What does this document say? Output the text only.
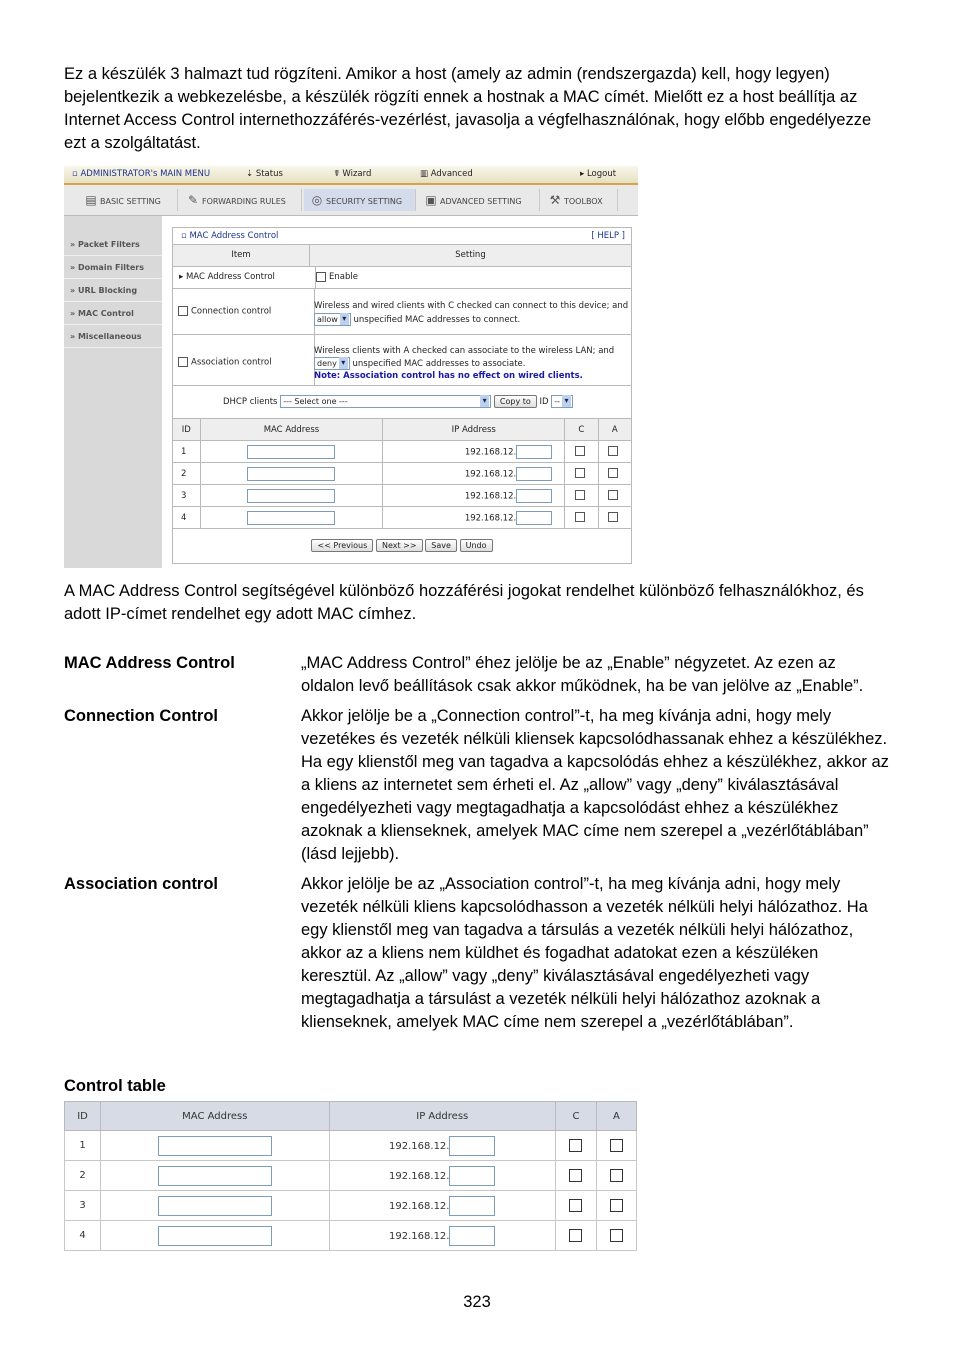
Ez a készülék 3 halmazt tud rögzíteni. Amikor a host (amely az admin (rendszergazda) kell, hogy legyen) bejelentkezik a webkezelésbe, a készülék rögzíti ennek a hostnak a MAC címét. Mielőtt ez a host beállítja az Internet Access Control internethozzáférés-vezérlést, javasolja a végfelhasználónak, hogy előbb engedélyezze ezt a szolgáltatást.
▫ ADMINISTRATOR's MAIN MENU	⇣ Status	☤ Wizard	▥ Advanced	▸ Logout
▤ BASIC SETTING	✎ FORWARDING RULES	◎ SECURITY SETTING	▣ ADVANCED SETTING	⚒ TOOLBOX
» Packet Filters
» Domain Filters
» URL Blocking
» MAC Control
» Miscellaneous
▫ MAC Address Control	[ HELP ]
Item	Setting
▸ MAC Address Control	Enable
Connection control
Wireless and wired clients with C checked can connect to this device; and
allow ▾ unspecified MAC addresses to connect.
Association control
Wireless clients with A checked can associate to the wireless LAN; and
deny ▾ unspecified MAC addresses to associate.
Note: Association control has no effect on wired clients.
DHCP clients --- Select one --- ▾	Copy to ID -- ▾
ID	MAC Address	IP Address	C	A
1		192.168.12.		
2		192.168.12.		
3		192.168.12.		
4		192.168.12.		
<< Previous Next >> Save Undo
A MAC Address Control segítségével különböző hozzáférési jogokat rendelhet különböző felhasználókhoz, és adott IP-címet rendelhet egy adott MAC címhez.
MAC Address Control	„MAC Address Control” éhez jelölje be az „Enable” négyzetet. Az ezen az oldalon levő beállítások csak akkor működnek, ha be van jelölve az „Enable”.
Connection Control	Akkor jelölje be a „Connection control”-t, ha meg kívánja adni, hogy mely vezetékes és vezeték nélküli kliensek kapcsolódhassanak ehhez a készülékhez. Ha egy klienstől meg van tagadva a kapcsolódás ehhez a készülékhez, akkor az a kliens az internetet sem érheti el. Az „allow” vagy „deny” kiválasztásával engedélyezheti vagy megtagadhatja a kapcsolódást ehhez a készülékhez azoknak a klienseknek, amelyek MAC címe nem szerepel a „vezérlőtáblában” (lásd lejjebb).
Association control	Akkor jelölje be az „Association control”-t, ha meg kívánja adni, hogy mely vezeték nélküli kliens kapcsolódhasson a vezeték nélküli helyi hálózathoz. Ha egy klienstől meg van tagadva a társulás a vezeték nélküli helyi hálózathoz, akkor az a kliens nem küldhet és fogadhat adatokat ezen a készüléken keresztül. Az „allow” vagy „deny” kiválasztásával engedélyezheti vagy megtagadhatja a társulást a vezeték nélküli helyi hálózathoz azoknak a klienseknek, amelyek MAC címe nem szerepel a „vezérlőtáblában”.
Control table
ID	MAC Address	IP Address	C	A
1		192.168.12.		
2		192.168.12.		
3		192.168.12.		
4		192.168.12.		
323
